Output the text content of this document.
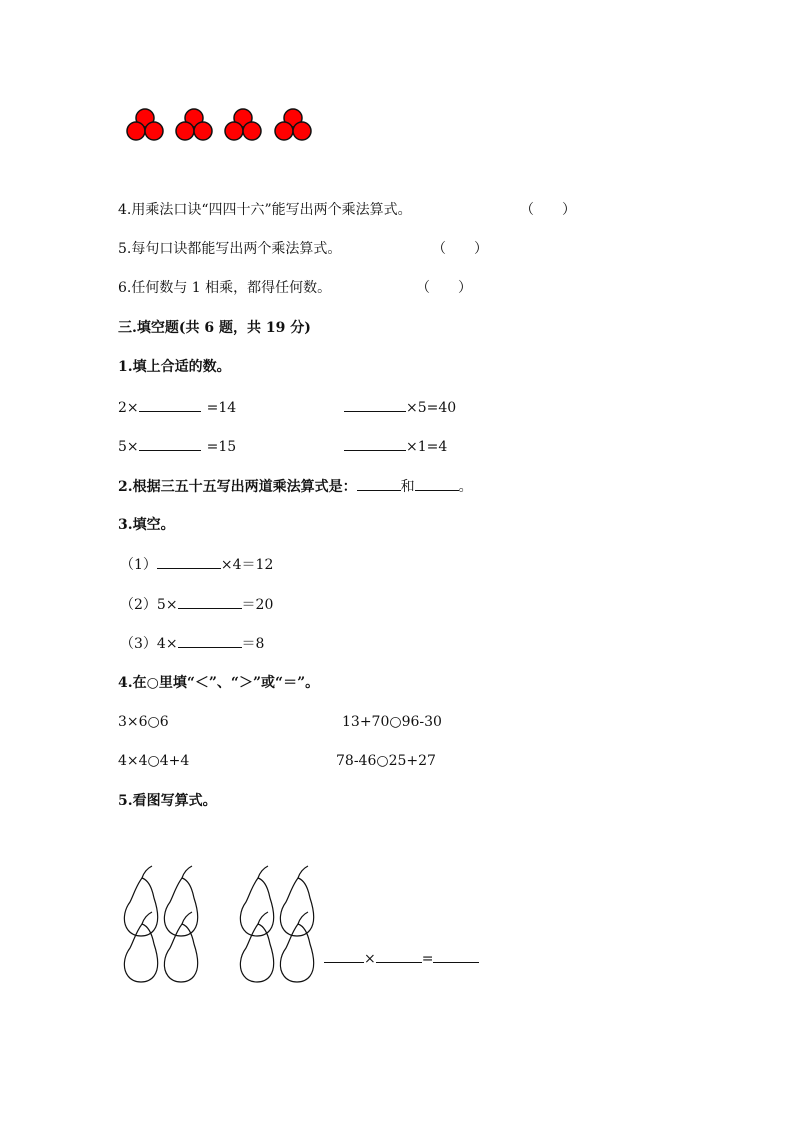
4.用乘法口诀“四四十六”能写出两个乘法算式。	（　　）
5.每句口诀都能写出两个乘法算式。	（　　）
6.任何数与 1 相乘，都得任何数。	（　　）
三.填空题(共 6 题，共 19 分)
1.填上合适的数。
2×	=14	×5=40
5×	=15	×1=4
2.根据三五十五写出两道乘法算式是：	和	。
3.填空。
（1）	×4＝12
（2）5×	＝20
（3）4×	＝8
4.在○里填“＜”、“＞”或“＝”。
3×6○6	13+70○96-30
4×4○4+4	78-46○25+27
5.看图写算式。
×	=
